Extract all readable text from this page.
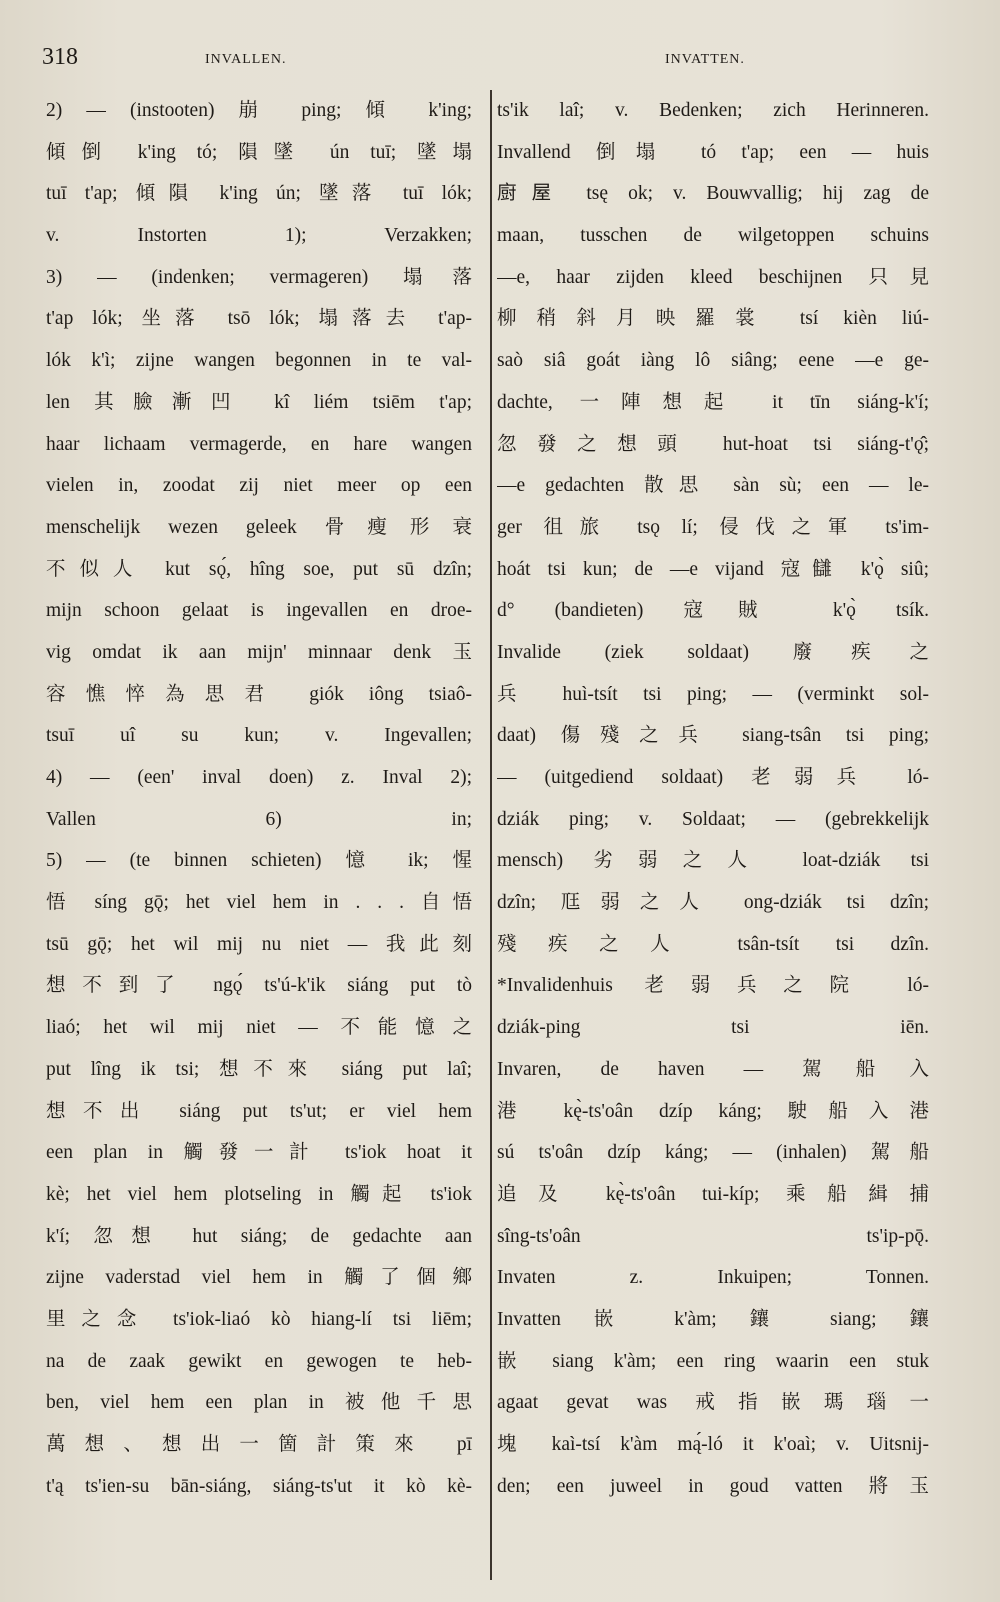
318	INVALLEN.	INVATTEN.
2) — (instooten) 崩 ping; 傾 k'ing;
傾倒 k'ing tó; 隕墜 ún tuī; 墜塌
tuī t'ap; 傾隕 k'ing ún; 墜落 tuī lók;
v. Instorten 1); Verzakken;
3) — (indenken; vermageren) 塌落
t'ap lók; 坐落 tsō lók; 塌落去 t'ap-
lók k'ì; zijne wangen begonnen in te val-
len 其臉漸凹 kî liém tsiēm t'ap;
haar lichaam vermagerde, en hare wangen
vielen in, zoodat zij niet meer op een
menschelijk wezen geleek 骨瘦形衰
不似人 kut sǫ́, hîng soe, put sū dzîn;
mijn schoon gelaat is ingevallen en droe-
vig omdat ik aan mijn' minnaar denk 玉
容憔悴為思君 giók iông tsiaô-
tsuī uî su kun; v. Ingevallen;
4) — (een' inval doen) z. Inval 2);
Vallen 6) in;
5) — (te binnen schieten) 憶 ik; 惺
悟 síng gǭ; het viel hem in . . . 自悟
tsū gǭ; het wil mij nu niet — 我此刻
想不到了 ngǫ́ ts'ú-k'ik siáng put tò
liaó; het wil mij niet — 不能憶之
put lîng ik tsi; 想不來 siáng put laî;
想不出 siáng put ts'ut; er viel hem
een plan in 觸發一計 ts'iok hoat it
kè; het viel hem plotseling in 觸起 ts'iok
k'í; 忽想 hut siáng; de gedachte aan
zijne vaderstad viel hem in 觸了個鄉
里之念 ts'iok-liaó kò hiang-lí tsi liēm;
na de zaak gewikt en gewogen te heb-
ben, viel hem een plan in 被他千思
萬想、想出一箇計策來 pī
t'ą ts'ien-su bān-siáng, siáng-ts'ut it kò kè-
ts'ik laî; v. Bedenken; zich Herinneren.
Invallend 倒塌 tó t'ap; een — huis
𢊍屋 tsę ok; v. Bouwvallig; hij zag de
maan, tusschen de wilgetoppen schuins
—e, haar zijden kleed beschijnen 只見
柳稍斜月映羅裳 tsí kièn liú-
saò siâ goát iàng lô siâng; eene —e ge-
dachte, 一陣想起 it tīn siáng-k'í;
忽發之想頭 hut-hoat tsi siáng-t'ǫ̂;
—e gedachten 散思 sàn sù; een — le-
ger 徂旅 tsǫ lí; 侵伐之軍 ts'im-
hoát tsi kun; de —e vijand 寇讎 k'ǫ̀ siû;
d° (bandieten) 寇賊 k'ǫ̀ tsík.
Invalide (ziek soldaat) 廢疾之
兵 huì-tsít tsi ping; — (verminkt sol-
daat) 傷殘之兵 siang-tsân tsi ping;
— (uitgediend soldaat) 老弱兵 ló-
dziák ping; v. Soldaat; — (gebrekkelijk
mensch) 劣弱之人 loat-dziák tsi
dzîn; 尫弱之人 ong-dziák tsi dzîn;
殘疾之人 tsân-tsít tsi dzîn.
*Invalidenhuis 老弱兵之院 ló-
dziák-ping tsi iēn.
Invaren, de haven — 駕船入
港 kę̀-ts'oân dzíp káng; 駛船入港
sú ts'oân dzíp káng; — (inhalen) 駕船
追及 kę̀-ts'oân tui-kíp; 乘船緝捕
sîng-ts'oân ts'ip-pǭ.
Invaten z. Inkuipen; Tonnen.
Invatten 嵌 k'àm; 鑲 siang; 鑲
嵌 siang k'àm; een ring waarin een stuk
agaat gevat was 戒指嵌瑪瑙一
塊 kaì-tsí k'àm mą́-ló it k'oaì; v. Uitsnij-
den; een juweel in goud vatten 將玉
